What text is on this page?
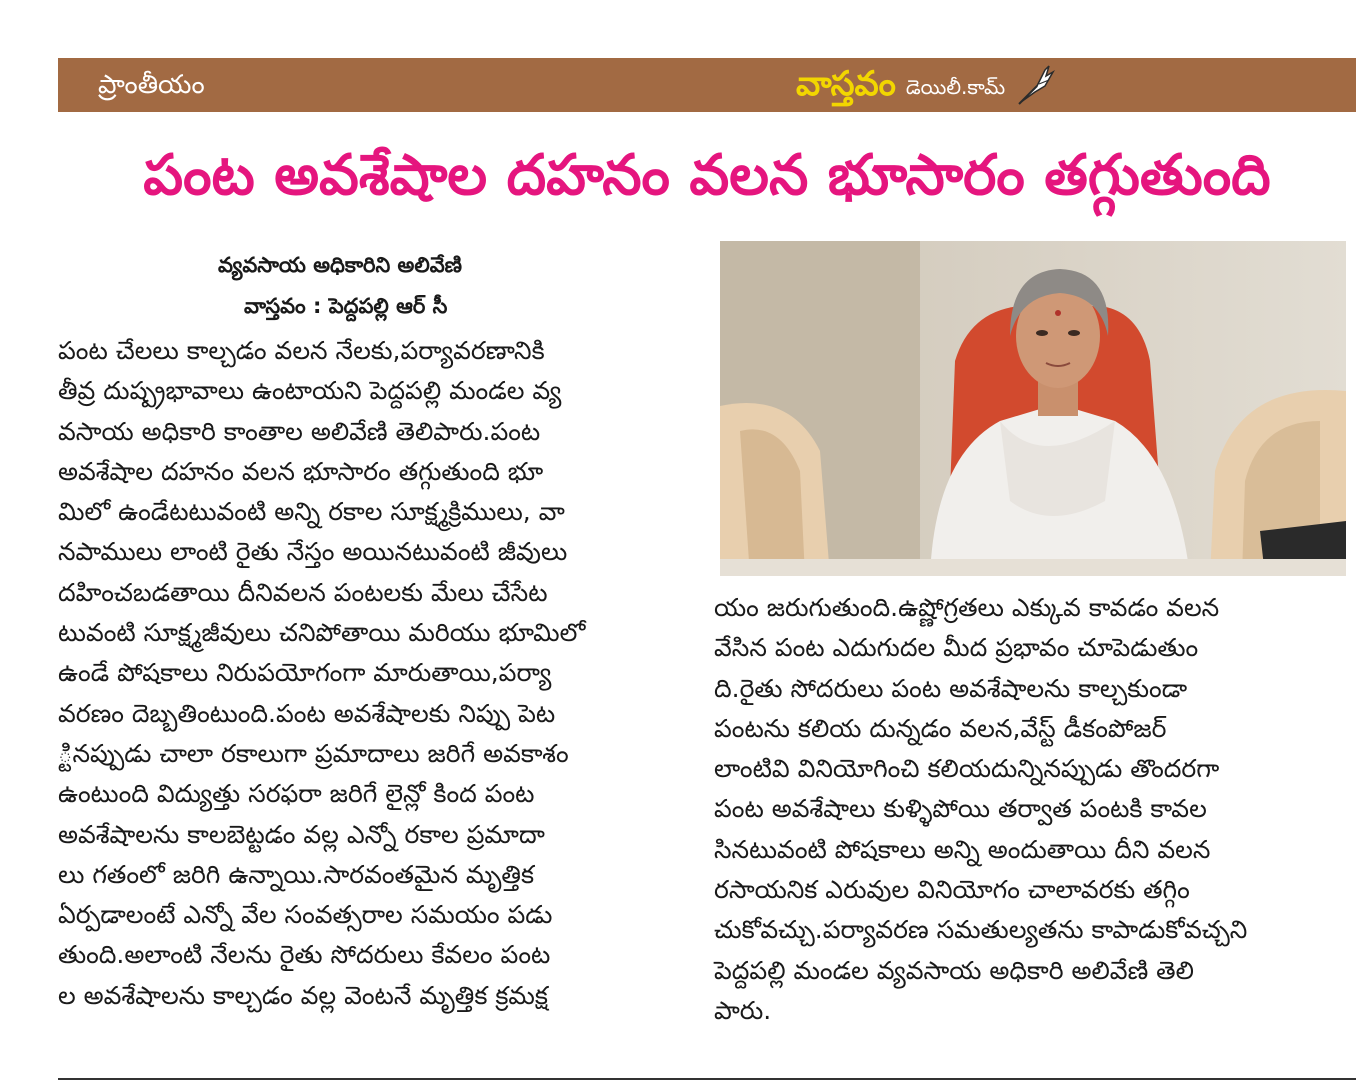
ప్రాంతీయం	వాస్తవం డెయిలీ.కామ్
పంట అవశేషాల దహనం వలన భూసారం తగ్గుతుంది
వ్యవసాయ అధికారిని అలివేణి
వాస్తవం : పెద్దపల్లి ఆర్ సీ
పంట చేలలు కాల్చడం వలన నేలకు,పర్యావరణానికి
తీవ్ర దుష్ప్రభావాలు ఉంటాయని పెద్దపల్లి మండల వ్య
వసాయ అధికారి కాంతాల అలివేణి తెలిపారు.పంట
అవశేషాల దహనం వలన భూసారం తగ్గుతుంది భూ
మిలో ఉండేటటువంటి అన్ని రకాల సూక్ష్మక్రిములు, వా
నపాములు లాంటి రైతు నేస్తం అయినటువంటి జీవులు
దహించబడతాయి దీనివలన పంటలకు మేలు చేసేట
టువంటి సూక్ష్మజీవులు చనిపోతాయి మరియు భూమిలో
ఉండే పోషకాలు నిరుపయోగంగా మారుతాయి,పర్యా
వరణం దెబ్బతింటుంది.పంట అవశేషాలకు నిప్పు పెట
్టినప్పుడు చాలా రకాలుగా ప్రమాదాలు జరిగే అవకాశం
ఉంటుంది విద్యుత్తు సరఫరా జరిగే లైన్లో కింద పంట
అవశేషాలను కాలబెట్టడం వల్ల ఎన్నో రకాల ప్రమాదా
లు గతంలో జరిగి ఉన్నాయి.సారవంతమైన మృత్తిక
ఏర్పడాలంటే ఎన్నో వేల సంవత్సరాల సమయం పడు
తుంది.అలాంటి నేలను రైతు సోదరులు కేవలం పంట
ల అవశేషాలను కాల్చడం వల్ల వెంటనే మృత్తిక క్రమక్ష
యం జరుగుతుంది.ఉష్ణోగ్రతలు ఎక్కువ కావడం వలన
వేసిన పంట ఎదుగుదల మీద ప్రభావం చూపెడుతుం
ది.రైతు సోదరులు పంట అవశేషాలను కాల్చకుండా
పంటను కలియ దున్నడం వలన,వేస్ట్ డీకంపోజర్
లాంటివి వినియోగించి కలియదున్నినప్పుడు తొందరగా
పంట అవశేషాలు కుళ్ళిపోయి తర్వాత పంటకి కావల
సినటువంటి పోషకాలు అన్ని అందుతాయి దీని వలన
రసాయనిక ఎరువుల వినియోగం చాలావరకు తగ్గిం
చుకోవచ్చు.పర్యావరణ సమతుల్యతను కాపాడుకోవచ్చని
పెద్దపల్లి మండల వ్యవసాయ అధికారి అలివేణి తెలి
పారు.
